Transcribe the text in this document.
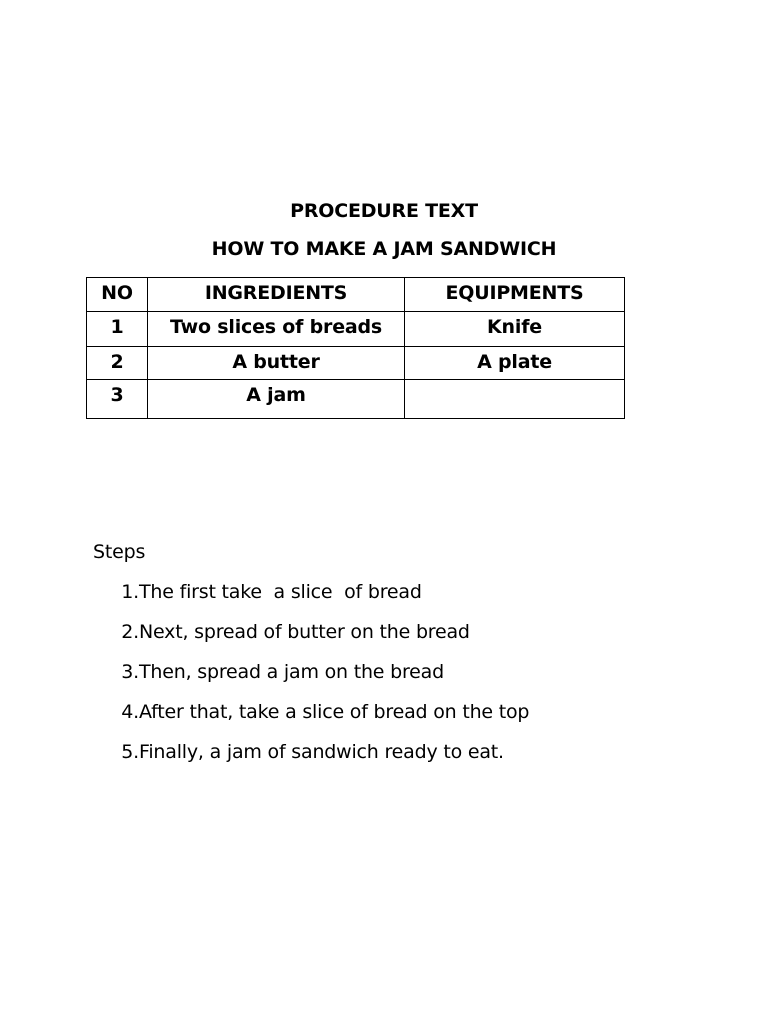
PROCEDURE TEXT
HOW TO MAKE A JAM SANDWICH
NO	INGREDIENTS	EQUIPMENTS
1	Two slices of breads	Knife
2	A butter	A plate
3	A jam	
Steps
1.The first take  a slice  of bread
2.Next, spread of butter on the bread
3.Then, spread a jam on the bread
4.After that, take a slice of bread on the top
5.Finally, a jam of sandwich ready to eat.
